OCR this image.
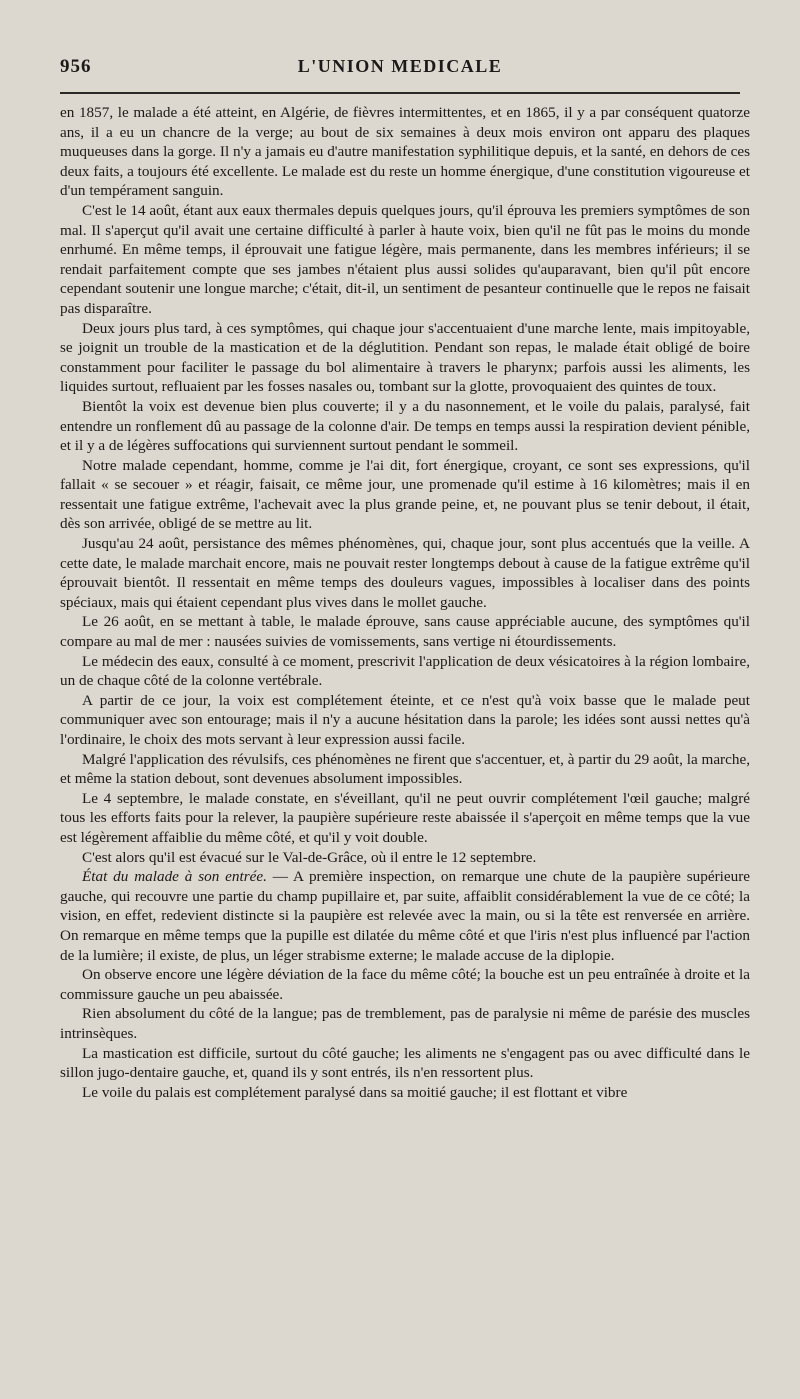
956	L'UNION MEDICALE

en 1857, le malade a été atteint, en Algérie, de fièvres intermittentes, et en 1865, il y a par conséquent quatorze ans, il a eu un chancre de la verge; au bout de six semaines à deux mois environ ont apparu des plaques muqueuses dans la gorge. Il n'y a jamais eu d'autre manifestation syphilitique depuis, et la santé, en dehors de ces deux faits, a toujours été excellente. Le malade est du reste un homme énergique, d'une constitution vigoureuse et d'un tempérament sanguin.

C'est le 14 août, étant aux eaux thermales depuis quelques jours, qu'il éprouva les premiers symptômes de son mal. Il s'aperçut qu'il avait une certaine difficulté à parler à haute voix, bien qu'il ne fût pas le moins du monde enrhumé. En même temps, il éprouvait une fatigue légère, mais permanente, dans les membres inférieurs; il se rendait parfaitement compte que ses jambes n'étaient plus aussi solides qu'auparavant, bien qu'il pût encore cependant soutenir une longue marche; c'était, dit-il, un sentiment de pesanteur continuelle que le repos ne faisait pas disparaître.

Deux jours plus tard, à ces symptômes, qui chaque jour s'accentuaient d'une marche lente, mais impitoyable, se joignit un trouble de la mastication et de la déglutition. Pendant son repas, le malade était obligé de boire constamment pour faciliter le passage du bol alimentaire à travers le pharynx; parfois aussi les aliments, les liquides surtout, refluaient par les fosses nasales ou, tombant sur la glotte, provoquaient des quintes de toux.

Bientôt la voix est devenue bien plus couverte; il y a du nasonnement, et le voile du palais, paralysé, fait entendre un ronflement dû au passage de la colonne d'air. De temps en temps aussi la respiration devient pénible, et il y a de légères suffocations qui surviennent surtout pendant le sommeil.

Notre malade cependant, homme, comme je l'ai dit, fort énergique, croyant, ce sont ses expressions, qu'il fallait « se secouer » et réagir, faisait, ce même jour, une promenade qu'il estime à 16 kilomètres; mais il en ressentait une fatigue extrême, l'achevait avec la plus grande peine, et, ne pouvant plus se tenir debout, il était, dès son arrivée, obligé de se mettre au lit.

Jusqu'au 24 août, persistance des mêmes phénomènes, qui, chaque jour, sont plus accentués que la veille. A cette date, le malade marchait encore, mais ne pouvait rester longtemps debout à cause de la fatigue extrême qu'il éprouvait bientôt. Il ressentait en même temps des douleurs vagues, impossibles à localiser dans des points spéciaux, mais qui étaient cependant plus vives dans le mollet gauche.

Le 26 août, en se mettant à table, le malade éprouve, sans cause appréciable aucune, des symptômes qu'il compare au mal de mer : nausées suivies de vomissements, sans vertige ni étourdissements.

Le médecin des eaux, consulté à ce moment, prescrivit l'application de deux vésicatoires à la région lombaire, un de chaque côté de la colonne vertébrale.

A partir de ce jour, la voix est complétement éteinte, et ce n'est qu'à voix basse que le malade peut communiquer avec son entourage; mais il n'y a aucune hésitation dans la parole; les idées sont aussi nettes qu'à l'ordinaire, le choix des mots servant à leur expression aussi facile.

Malgré l'application des révulsifs, ces phénomènes ne firent que s'accentuer, et, à partir du 29 août, la marche, et même la station debout, sont devenues absolument impossibles.

Le 4 septembre, le malade constate, en s'éveillant, qu'il ne peut ouvrir complétement l'œil gauche; malgré tous les efforts faits pour la relever, la paupière supérieure reste abaissée il s'aperçoit en même temps que la vue est légèrement affaiblie du même côté, et qu'il y voit double.

C'est alors qu'il est évacué sur le Val-de-Grâce, où il entre le 12 septembre.

État du malade à son entrée. — A première inspection, on remarque une chute de la paupière supérieure gauche, qui recouvre une partie du champ pupillaire et, par suite, affaiblit considérablement la vue de ce côté; la vision, en effet, redevient distincte si la paupière est relevée avec la main, ou si la tête est renversée en arrière. On remarque en même temps que la pupille est dilatée du même côté et que l'iris n'est plus influencé par l'action de la lumière; il existe, de plus, un léger strabisme externe; le malade accuse de la diplopie.

On observe encore une légère déviation de la face du même côté; la bouche est un peu entraînée à droite et la commissure gauche un peu abaissée.

Rien absolument du côté de la langue; pas de tremblement, pas de paralysie ni même de parésie des muscles intrinsèques.

La mastication est difficile, surtout du côté gauche; les aliments ne s'engagent pas ou avec difficulté dans le sillon jugo-dentaire gauche, et, quand ils y sont entrés, ils n'en ressortent plus.

Le voile du palais est complétement paralysé dans sa moitié gauche; il est flottant et vibre
